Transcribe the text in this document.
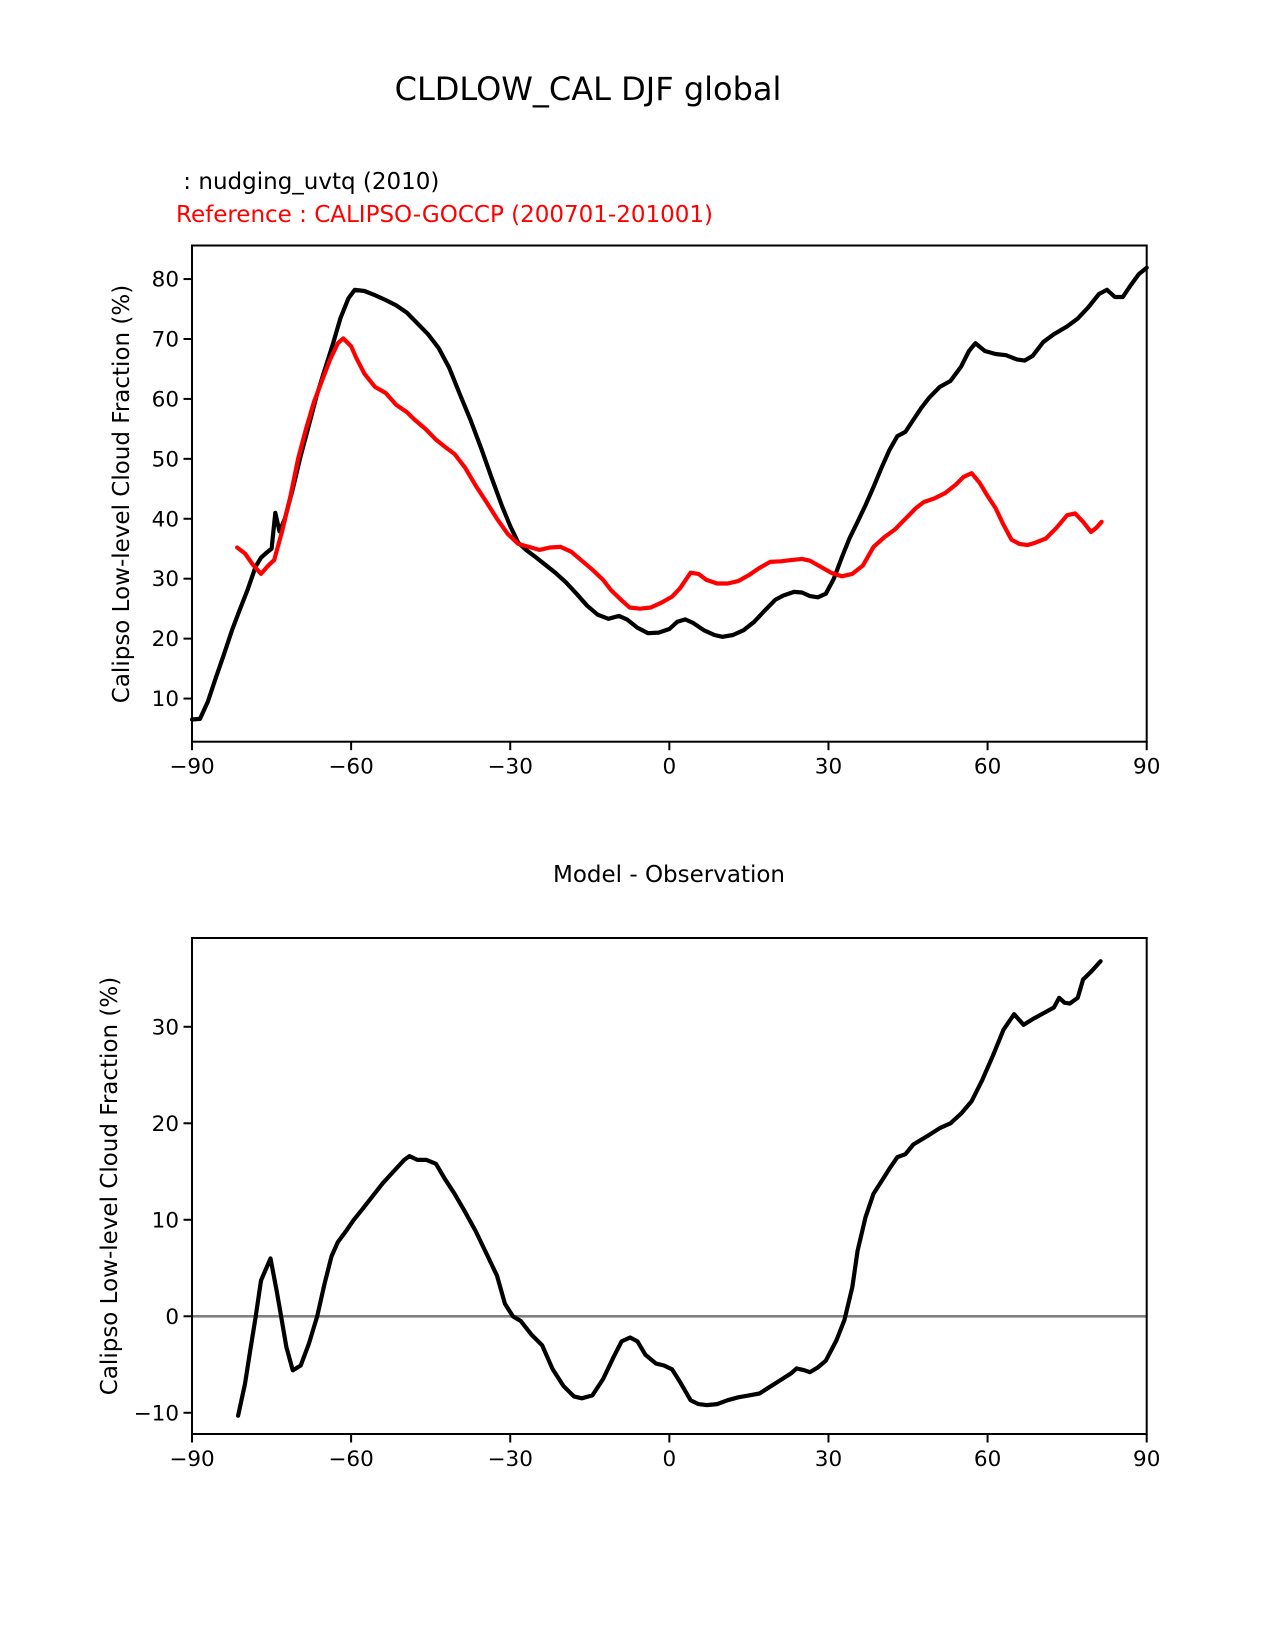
CLDLOW_CAL DJF global
: nudging_uvtq (2010)
Reference : CALIPSO-GOCCP (200701-201001)
Calipso Low-level Cloud Fraction (%)
Calipso Low-level Cloud Fraction (%)
Model - Observation
−90	−60	−30	0	30	60	90
10
20
30
40
50
60
70
80
−90	−60	−30	0	30	60	90
−10
0
10
20
30
